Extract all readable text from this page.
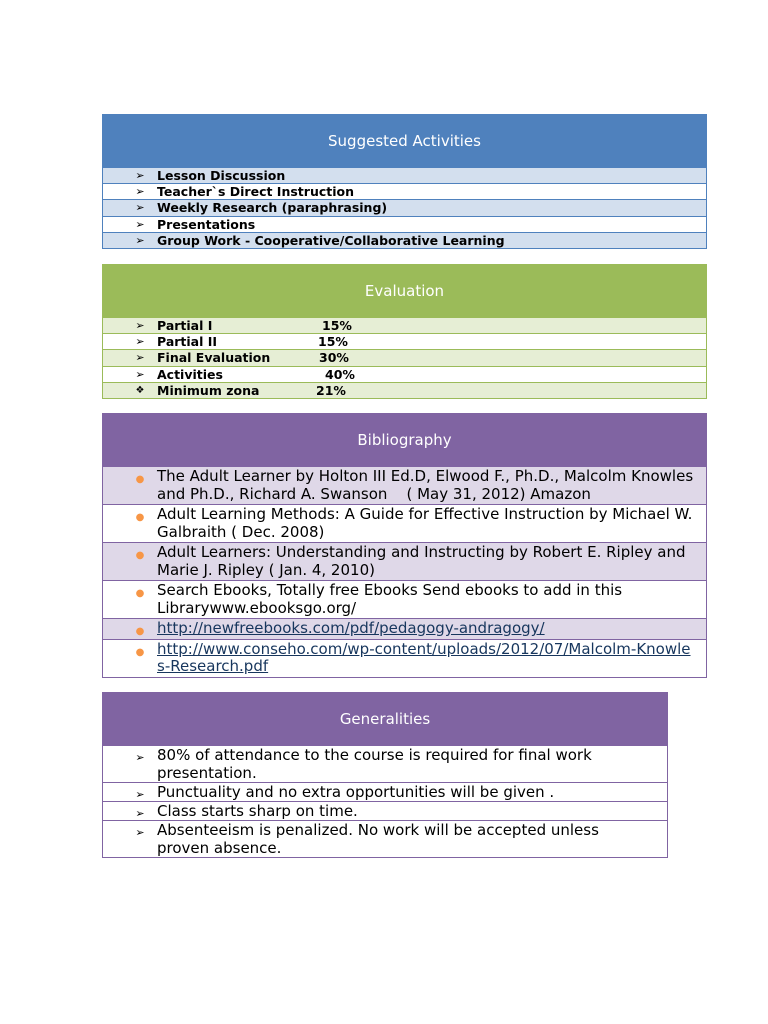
Suggested Activities
➢ Lesson Discussion
➢ Teacher`s Direct Instruction
➢ Weekly Research (paraphrasing)
➢ Presentations
➢ Group Work - Cooperative/Collaborative Learning
Evaluation
➢ Partial I	15%
➢ Partial II	15%
➢ Final Evaluation	30%
➢ Activities	40%
❖ Minimum zona	21%
Bibliography
● The Adult Learner by Holton III Ed.D, Elwood F., Ph.D., Malcolm Knowles and Ph.D., Richard A. Swanson    ( May 31, 2012) Amazon
● Adult Learning Methods: A Guide for Effective Instruction by Michael W. Galbraith ( Dec. 2008)
● Adult Learners: Understanding and Instructing by Robert E. Ripley and Marie J. Ripley ( Jan. 4, 2010)
● Search Ebooks, Totally free Ebooks Send ebooks to add in this Librarywww.ebooksgo.org/
● http://newfreebooks.com/pdf/pedagogy-andragogy/
● http://www.conseho.com/wp-content/uploads/2012/07/Malcolm-Knowles-Research.pdf
Generalities
➢ 80% of attendance to the course is required for final work presentation.
➢ Punctuality and no extra opportunities will be given .
➢ Class starts sharp on time.
➢ Absenteeism is penalized. No work will be accepted unless proven absence.
